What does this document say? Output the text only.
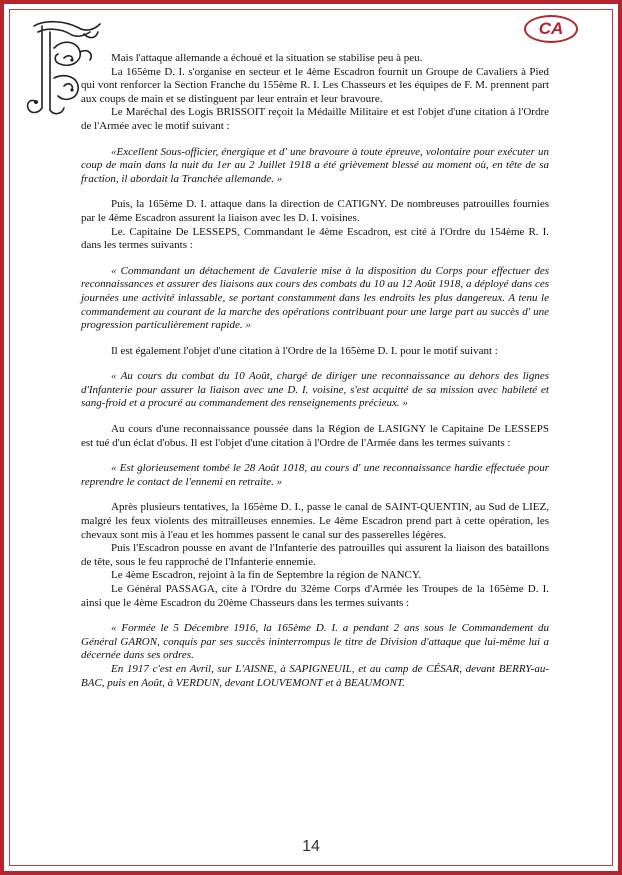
CA

Mais l'attaque allemande a échoué et la situation se stabilise peu à peu.

La 165ème D. I. s'organise en secteur et le 4ème Escadron fournit un Groupe de Cavaliers à Pied qui vont renforcer la Section Franche du 155ème R. I. Les Chasseurs et les équipes de F. M. prennent part aux coups de main et se distinguent par leur entrain et leur bravoure.

Le Maréchal des Logis BRISSOIT reçoit la Médaille Militaire et est l'objet d'une citation à l'Ordre de l'Armée avec le motif suivant :

«Excellent Sous-officier, énergique et d' une bravoure à toute épreuve, volontaire pour exécuter un coup de main dans la nuit du 1er au 2 Juillet 1918 a été grièvement blessé au moment où, en tête de sa fraction, il abordait la Tranchée allemande. »

Puis, la 165ème D. I. attaque dans la direction de CATIGNY. De nombreuses patrouilles fournies par le 4ème Escadron assurent la liaison avec les D. I. voisines.

Le. Capitaine De LESSEPS, Commandant le 4ème Escadron, est cité à l'Ordre du 154ème R. I. dans les termes suivants :

« Commandant un détachement de Cavalerie mise à la disposition du Corps pour effectuer des reconnaissances et assurer des liaisons aux cours des combats du 10 au 12 Août 1918, a déployé dans ces journées une activité inlassable, se portant constamment dans les endroits les plus dangereux. A tenu le commandement au courant de la marche des opérations contribuant pour une large part au succès d' une progression particulièrement rapide. »

Il est également l'objet d'une citation à l'Ordre de la 165ème D. I. pour le motif suivant :

« Au cours du combat du 10 Août, chargé de diriger une reconnaissance au dehors des lignes d'Infanterie pour assurer la liaison avec une D. I. voisine, s'est acquitté de sa mission avec habileté et sang-froid et a procuré au commandement des renseignements précieux. »

Au cours d'une reconnaissance poussée dans la Région de LASIGNY le Capitaine De LESSEPS est tué d'un éclat d'obus. Il est l'objet d'une citation à l'Ordre de l'Armée dans les termes suivants :

« Est glorieusement tombé le 28 Août 1018, au cours d' une reconnaissance hardie effectuée pour reprendre le contact de l'ennemi en retraite. »

Après plusieurs tentatives, la 165ème D. I., passe le canal de SAINT-QUENTIN, au Sud de LIEZ, malgré les feux violents des mitrailleuses ennemies. Le 4ème Escadron prend part à cette opération, les chevaux sont mis à l'eau et les hommes passent le canal sur des passerelles légères.

Puis l'Escadron pousse en avant de l'Infanterie des patrouilles qui assurent la liaison des bataillons de tête, sous le feu rapproché de l'Infanterie ennemie.

Le 4ème Escadron, rejoint à la fin de Septembre la région de NANCY.

Le Général PASSAGA, cite à l'Ordre du 32ème Corps d'Armée les Troupes de la 165ème D. I. ainsi que le 4ème Escadron du 20ème Chasseurs dans les termes suivants :

« Formée le 5 Décembre 1916, la 165ème D. I. a pendant 2 ans sous le Commandement du Général GARON, conquis par ses succès ininterrompus le titre de Division d'attaque que lui-même lui a décernée dans ses ordres.

En 1917 c'est en Avril, sur L'AISNE, à SAPIGNEUIL, et au camp de CÉSAR, devant BERRY-au-BAC, puis en Août, à VERDUN, devant LOUVEMONT et à BEAUMONT.

14
